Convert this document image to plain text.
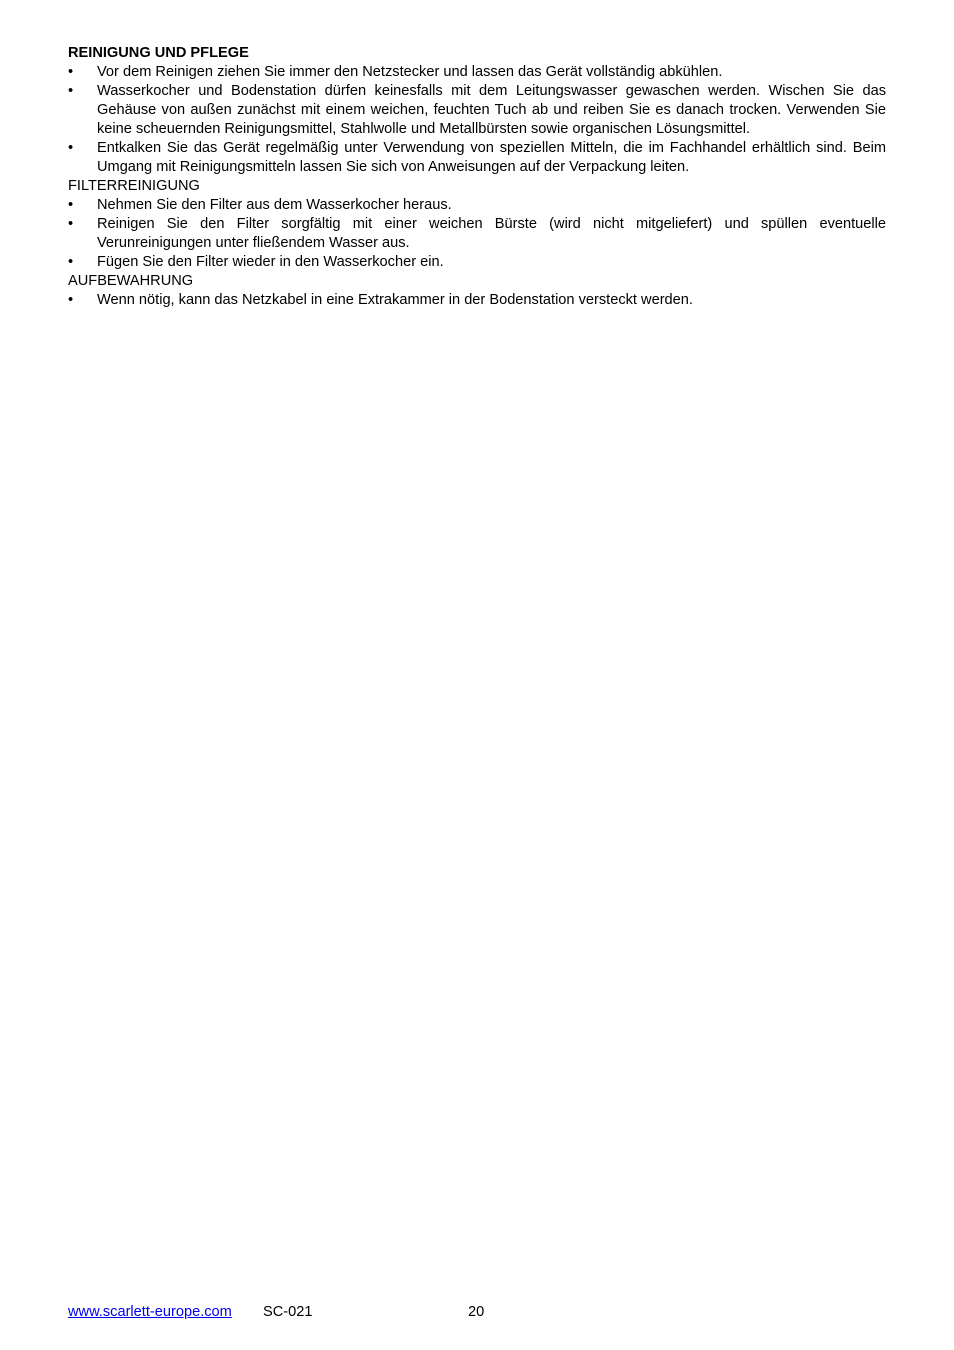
REINIGUNG UND PFLEGE
•	Vor dem Reinigen ziehen Sie immer den Netzstecker und lassen das Gerät vollständig abkühlen.
•	Wasserkocher und Bodenstation dürfen keinesfalls mit dem Leitungswasser gewaschen werden. Wischen Sie das Gehäuse von außen zunächst mit einem weichen, feuchten Tuch ab und reiben Sie es danach trocken. Verwenden Sie keine scheuernden Reinigungsmittel, Stahlwolle und Metallbürsten sowie organischen Lösungsmittel.
•	Entkalken Sie das Gerät regelmäßig unter Verwendung von speziellen Mitteln, die im Fachhandel erhältlich sind. Beim Umgang mit Reinigungsmitteln lassen Sie sich von Anweisungen auf der Verpackung leiten.
FILTERREINIGUNG
•	Nehmen Sie den Filter aus dem Wasserkocher heraus.
•	Reinigen Sie den Filter sorgfältig mit einer weichen Bürste (wird nicht mitgeliefert) und spüllen eventuelle Verunreinigungen unter fließendem Wasser aus.
•	Fügen Sie den Filter wieder in den Wasserkocher ein.
AUFBEWAHRUNG
•	Wenn nötig, kann das Netzkabel in eine Extrakammer in der Bodenstation versteckt werden.
www.scarlett-europe.com SC-021	20
